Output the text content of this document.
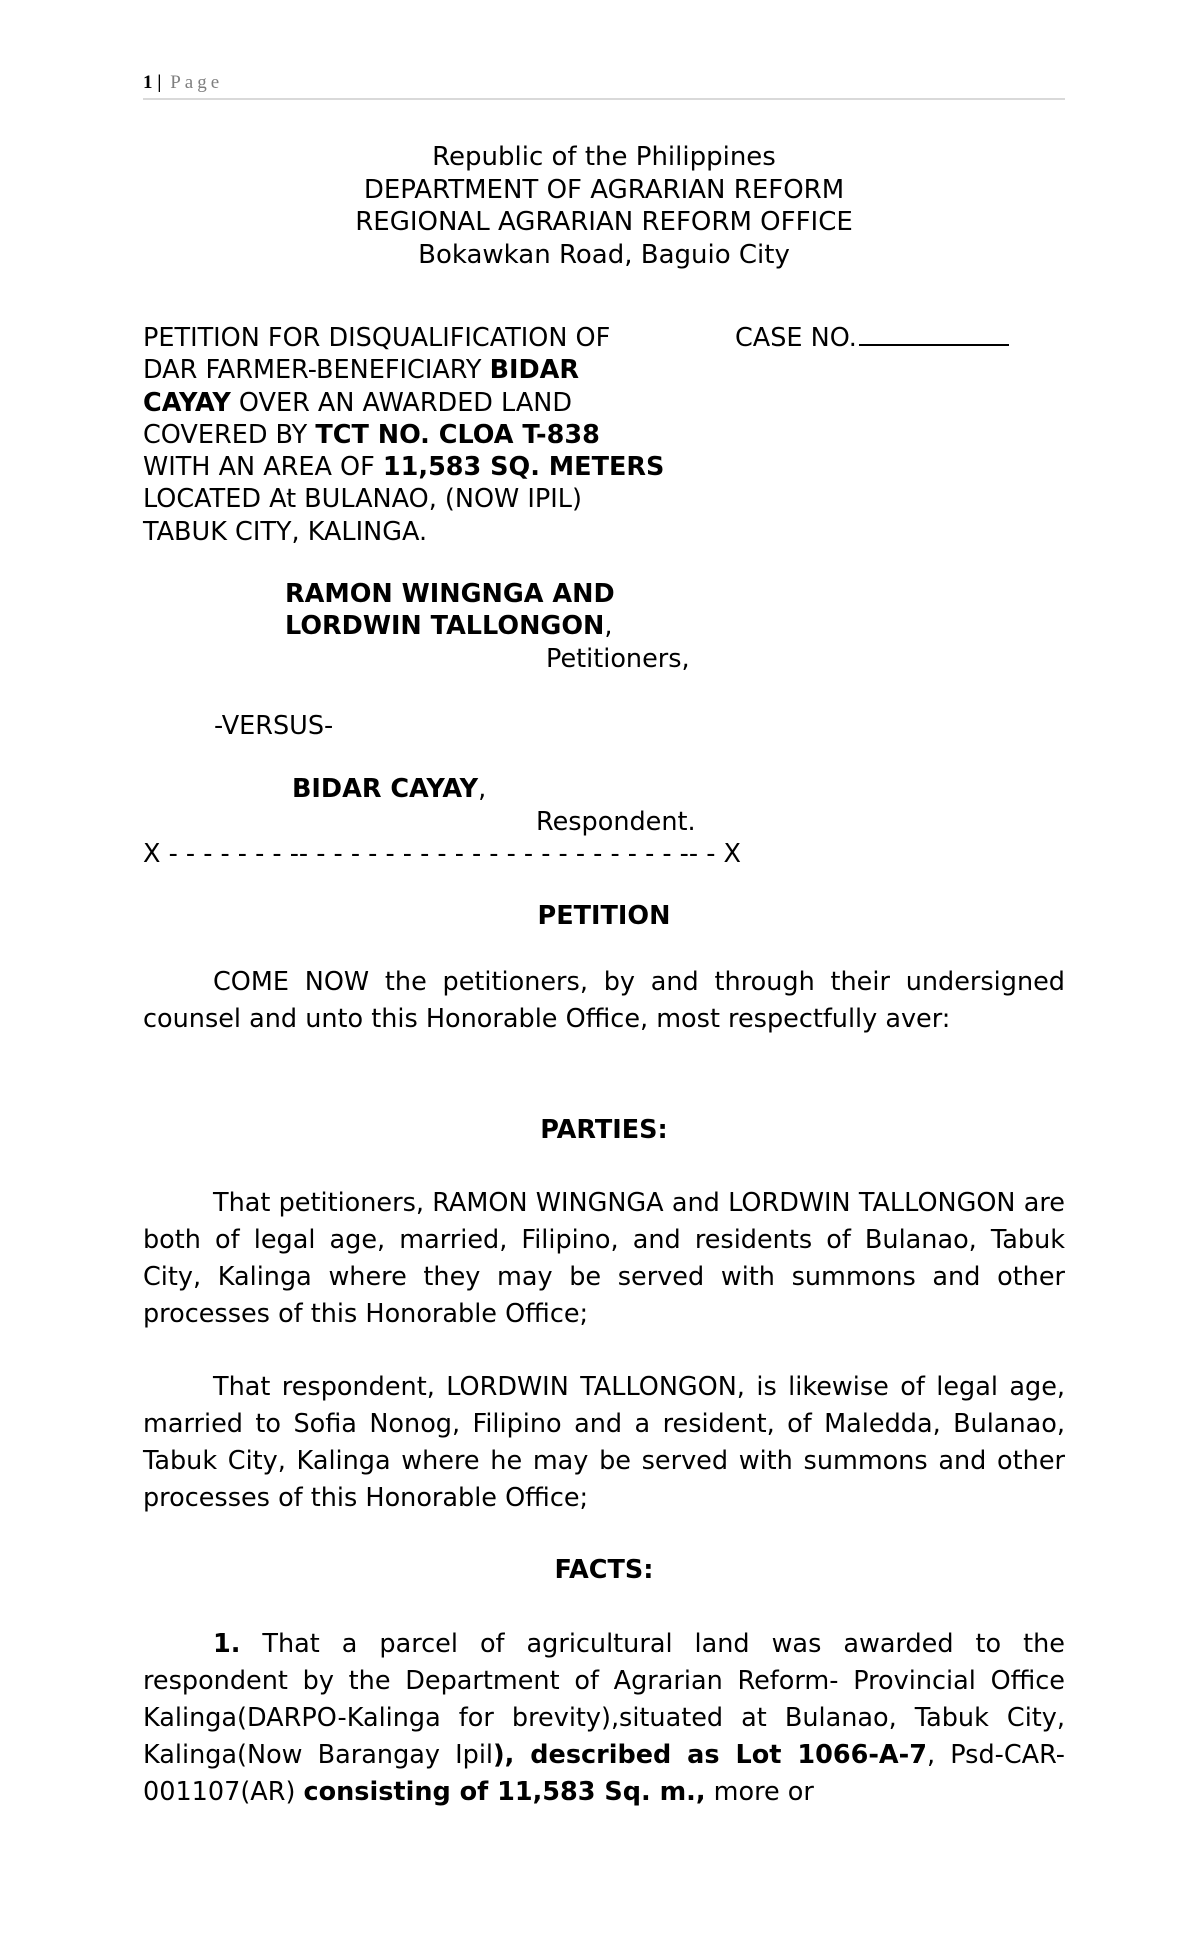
1 | Page
Republic of the Philippines
DEPARTMENT OF AGRARIAN REFORM
REGIONAL AGRARIAN REFORM OFFICE
Bokawkan Road, Baguio City
PETITION FOR DISQUALIFICATION OF
DAR FARMER-BENEFICIARY BIDAR
CAYAY OVER AN AWARDED LAND
COVERED BY TCT NO. CLOA T-838
WITH AN AREA OF 11,583 SQ. METERS
LOCATED At BULANAO, (NOW IPIL)
TABUK CITY, KALINGA.
CASE NO.
RAMON WINGNGA AND
LORDWIN TALLONGON,
Petitioners,
-VERSUS-
BIDAR CAYAY,
Respondent.
X - - - - - - - -- - - - - - - - - - - - - - - - - - - - - - -- - X
PETITION
COME NOW the petitioners, by and through their undersigned counsel and unto this Honorable Office, most respectfully aver:
PARTIES:
That petitioners, RAMON WINGNGA and LORDWIN TALLONGON are both of legal age, married, Filipino, and residents of Bulanao, Tabuk City, Kalinga where they may be served with summons and other processes of this Honorable Office;
That respondent, LORDWIN TALLONGON, is likewise of legal age, married to Sofia Nonog, Filipino and a resident, of Maledda, Bulanao, Tabuk City, Kalinga where he may be served with summons and other processes of this Honorable Office;
FACTS:
1. That a parcel of agricultural land was awarded to the respondent by the Department of Agrarian Reform- Provincial Office Kalinga(DARPO-Kalinga for brevity),situated at Bulanao, Tabuk City, Kalinga(Now Barangay Ipil), described as Lot 1066-A-7, Psd-CAR-001107(AR) consisting of 11,583 Sq. m., more or
